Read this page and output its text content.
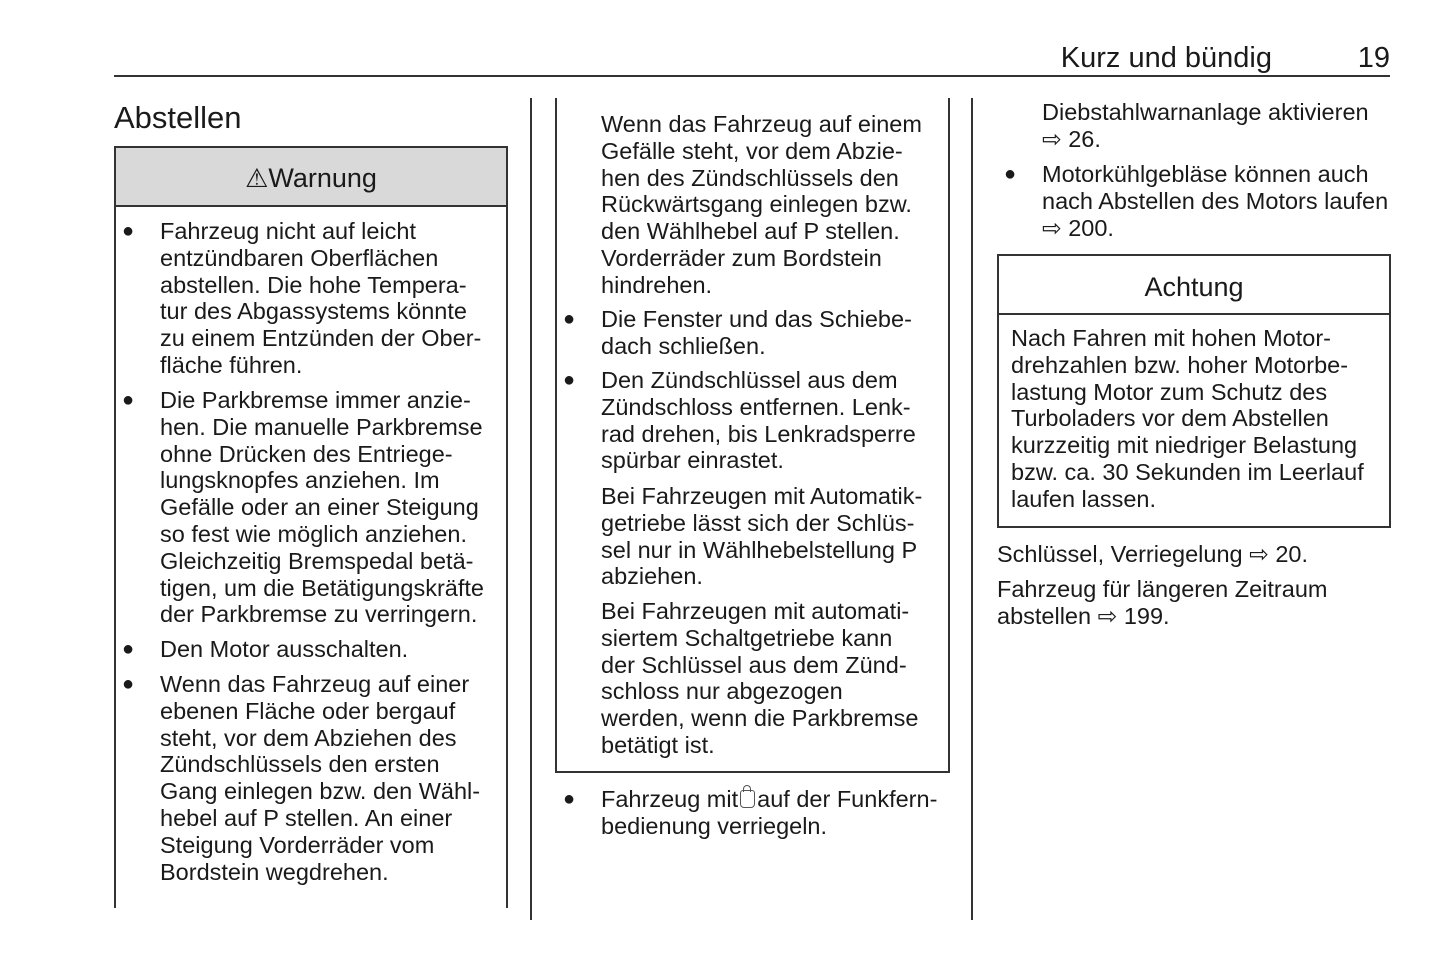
Kurz und bündig	19
Abstellen
⚠Warnung
● Fahrzeug nicht auf leicht
entzündbaren Oberflächen
abstellen. Die hohe Tempera-
tur des Abgassystems könnte
zu einem Entzünden der Ober-
fläche führen.
● Die Parkbremse immer anzie-
hen. Die manuelle Parkbremse
ohne Drücken des Entriege-
lungsknopfes anziehen. Im
Gefälle oder an einer Steigung
so fest wie möglich anziehen.
Gleichzeitig Bremspedal betä-
tigen, um die Betätigungskräfte
der Parkbremse zu verringern.
● Den Motor ausschalten.
● Wenn das Fahrzeug auf einer
ebenen Fläche oder bergauf
steht, vor dem Abziehen des
Zündschlüssels den ersten
Gang einlegen bzw. den Wähl-
hebel auf P stellen. An einer
Steigung Vorderräder vom
Bordstein wegdrehen.
Wenn das Fahrzeug auf einem
Gefälle steht, vor dem Abzie-
hen des Zündschlüssels den
Rückwärtsgang einlegen bzw.
den Wählhebel auf P stellen.
Vorderräder zum Bordstein
hindrehen.
● Die Fenster und das Schiebe-
dach schließen.
● Den Zündschlüssel aus dem
Zündschloss entfernen. Lenk-
rad drehen, bis Lenkradsperre
spürbar einrastet.
Bei Fahrzeugen mit Automatik-
getriebe lässt sich der Schlüs-
sel nur in Wählhebelstellung P
abziehen.
Bei Fahrzeugen mit automati-
siertem Schaltgetriebe kann
der Schlüssel aus dem Zünd-
schloss nur abgezogen
werden, wenn die Parkbremse
betätigt ist.
● Fahrzeug mit auf der Funkfern-
bedienung verriegeln.
Diebstahlwarnanlage aktivieren
⇨ 26.
● Motorkühlgebläse können auch
nach Abstellen des Motors laufen
⇨ 200.
Achtung
Nach Fahren mit hohen Motor-
drehzahlen bzw. hoher Motorbe-
lastung Motor zum Schutz des
Turboladers vor dem Abstellen
kurzzeitig mit niedriger Belastung
bzw. ca. 30 Sekunden im Leerlauf
laufen lassen.
Schlüssel, Verriegelung ⇨ 20.
Fahrzeug für längeren Zeitraum
abstellen ⇨ 199.
